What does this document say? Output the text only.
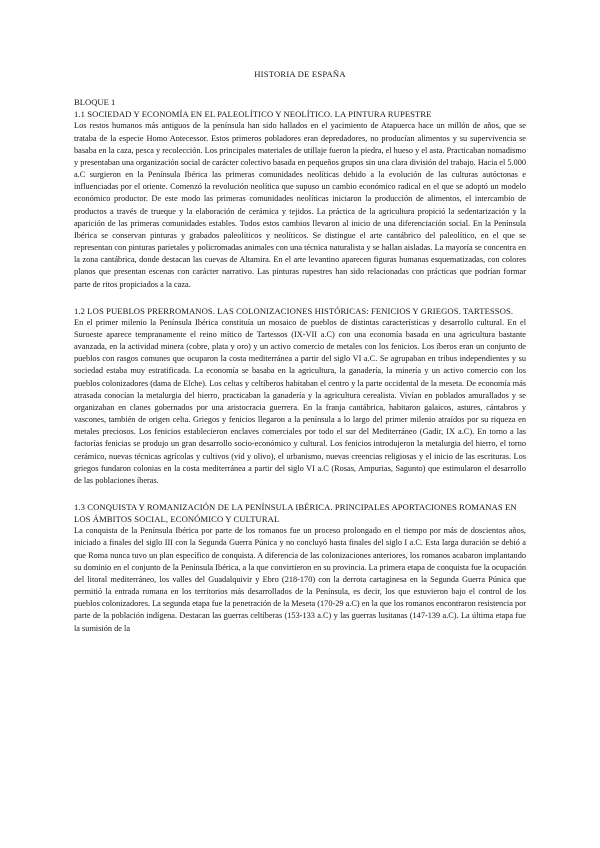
HISTORIA DE ESPAÑA

BLOQUE 1

1.1 SOCIEDAD Y ECONOMÍA EN EL PALEOLÍTICO Y NEOLÍTICO. LA PINTURA RUPESTRE

Los restos humanos más antiguos de la península han sido hallados en el yacimiento de Atapuerca hace un millón de años, que se trataba de la especie Homo Antecessor. Estos primeros pobladores eran depredadores, no producían alimentos y su supervivencia se basaba en la caza, pesca y recolección. Los principales materiales de utillaje fueron la piedra, el hueso y el asta. Practicaban nomadismo y presentaban una organización social de carácter colectivo basada en pequeños grupos sin una clara división del trabajo. Hacia el 5.000 a.C surgieron en la Península Ibérica las primeras comunidades neolíticas debido a la evolución de las culturas autóctonas e influenciadas por el oriente. Comenzó la revolución neolítica que supuso un cambio económico radical en el que se adoptó un modelo económico productor. De este modo las primeras comunidades neolíticas iniciaron la producción de alimentos, el intercambio de productos a través de trueque y la elaboración de cerámica y tejidos. La práctica de la agricultura propició la sedentarización y la aparición de las primeras comunidades estables. Todos estos cambios llevaron al inicio de una diferenciación social. En la Península Ibérica se conservan pinturas y grabados paleolíticos y neolíticos. Se distingue el arte cantábrico del paleolítico, en el que se representan con pinturas parietales y policromadas animales con una técnica naturalista y se hallan aisladas. La mayoría se concentra en la zona cantábrica, donde destacan las cuevas de Altamira. En el arte levantino aparecen figuras humanas esquematizadas, con colores planos que presentan escenas con carácter narrativo. Las pinturas rupestres han sido relacionadas con prácticas que podrían formar parte de ritos propiciados a la caza.

1.2 LOS PUEBLOS PRERROMANOS. LAS COLONIZACIONES HISTÓRICAS: FENICIOS Y GRIEGOS. TARTESSOS.

En el primer milenio la Península Ibérica constituía un mosaico de pueblos de distintas características y desarrollo cultural. En el Suroeste aparece tempranamente el reino mítico de Tartessos (IX-VII a.C) con una economía basada en una agricultura bastante avanzada, en la actividad minera (cobre, plata y oro) y un activo comercio de metales con los fenicios. Los íberos eran un conjunto de pueblos con rasgos comunes que ocuparon la costa mediterránea a partir del siglo VI a.C. Se agrupaban en tribus independientes y su sociedad estaba muy estratificada. La economía se basaba en la agricultura, la ganadería, la minería y un activo comercio con los pueblos colonizadores (dama de Elche). Los celtas y celtíberos habitaban el centro y la parte occidental de la meseta. De economía más atrasada conocían la metalurgia del hierro, practicaban la ganadería y la agricultura cerealista. Vivían en poblados amurallados y se organizaban en clanes gobernados por una aristocracia guerrera. En la franja cantábrica, habitaron galaicos, astures, cántabros y vascones, también de origen celta. Griegos y fenicios llegaron a la península a lo largo del primer milenio atraídos por su riqueza en metales preciosos. Los fenicios establecieron enclaves comerciales por todo el sur del Mediterráneo (Gadir, IX a.C). En torno a las factorías fenicias se produjo un gran desarrollo socio-económico y cultural. Los fenicios introdujeron la metalurgia del hierro, el torno cerámico, nuevas técnicas agrícolas y cultivos (vid y olivo), el urbanismo, nuevas creencias religiosas y el inicio de las escrituras. Los griegos fundaron colonias en la costa mediterránea a partir del siglo VI a.C (Rosas, Ampurias, Sagunto) que estimularon el desarrollo de las poblaciones íberas.

1.3 CONQUISTA Y ROMANIZACIÓN DE LA PENÍNSULA IBÉRICA. PRINCIPALES APORTACIONES ROMANAS EN LOS ÁMBITOS SOCIAL, ECONÓMICO Y CULTURAL

La conquista de la Península Ibérica por parte de los romanos fue un proceso prolongado en el tiempo por más de doscientos años, iniciado a finales del siglo III con la Segunda Guerra Púnica y no concluyó hasta finales del siglo I a.C. Esta larga duración se debió a que Roma nunca tuvo un plan específico de conquista. A diferencia de las colonizaciones anteriores, los romanos acabaron implantando su dominio en el conjunto de la Península Ibérica, a la que convirtieron en su provincia. La primera etapa de conquista fue la ocupación del litoral mediterráneo, los valles del Guadalquivir y Ebro (218-170) con la derrota cartaginesa en la Segunda Guerra Púnica que permitió la entrada romana en los territorios más desarrollados de la Península, es decir, los que estuvieron bajo el control de los pueblos colonizadores. La segunda etapa fue la penetración de la Meseta (170-29 a.C) en la que los romanos encontraron resistencia por parte de la población indígena. Destacan las guerras celtíberas (153-133 a.C) y las guerras lusitanas (147-139 a.C). La última etapa fue la sumisión de la
